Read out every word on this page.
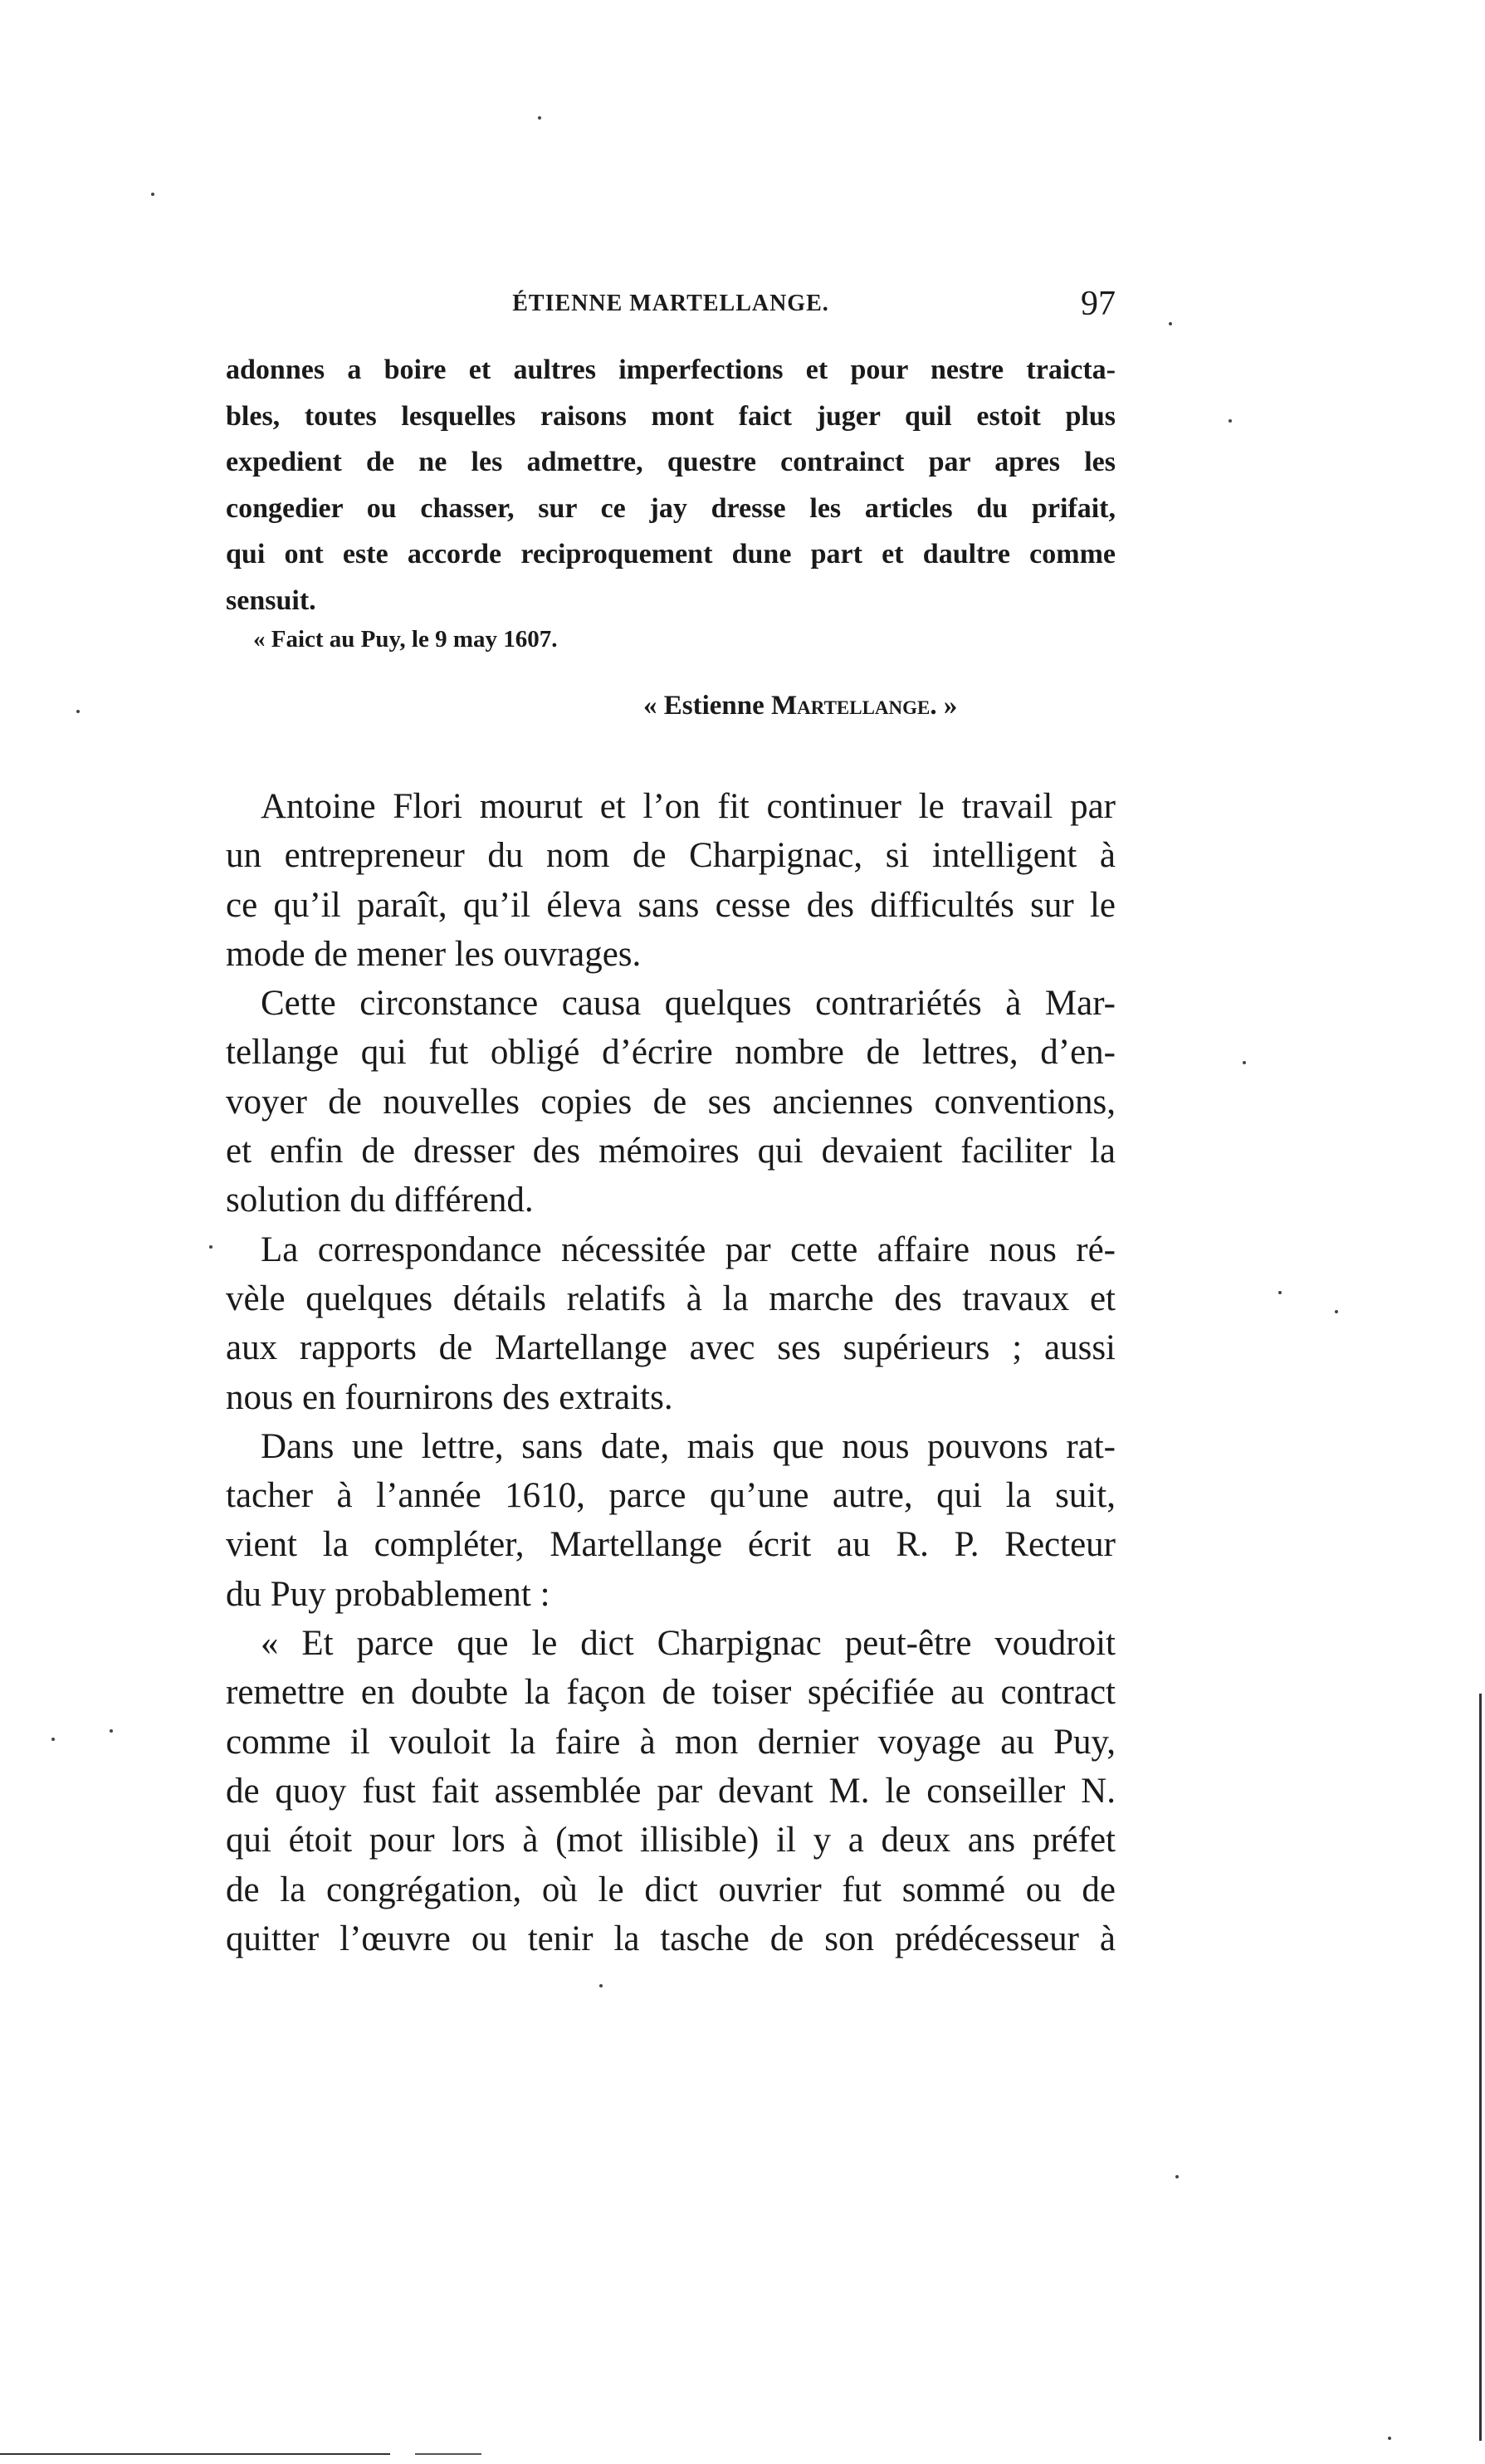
ÉTIENNE MARTELLANGE.	97
adonnes a boire et aultres imperfections et pour nestre traicta-
bles, toutes lesquelles raisons mont faict juger quil estoit plus
expedient de ne les admettre, questre contrainct par apres les
congedier ou chasser, sur ce jay dresse les articles du prifait,
qui ont este accorde reciproquement dune part et daultre comme
sensuit.
« Faict au Puy, le 9 may 1607.
« Estienne Martellange. »
Antoine Flori mourut et l’on fit continuer le travail par
un entrepreneur du nom de Charpignac, si intelligent à
ce qu’il paraît, qu’il éleva sans cesse des difficultés sur le
mode de mener les ouvrages.
Cette circonstance causa quelques contrariétés à Mar-
tellange qui fut obligé d’écrire nombre de lettres, d’en-
voyer de nouvelles copies de ses anciennes conventions,
et enfin de dresser des mémoires qui devaient faciliter la
solution du différend.
La correspondance nécessitée par cette affaire nous ré-
vèle quelques détails relatifs à la marche des travaux et
aux rapports de Martellange avec ses supérieurs ; aussi
nous en fournirons des extraits.
Dans une lettre, sans date, mais que nous pouvons rat-
tacher à l’année 1610, parce qu’une autre, qui la suit,
vient la compléter, Martellange écrit au R. P. Recteur
du Puy probablement :
« Et parce que le dict Charpignac peut-être voudroit
remettre en doubte la façon de toiser spécifiée au contract
comme il vouloit la faire à mon dernier voyage au Puy,
de quoy fust fait assemblée par devant M. le conseiller N.
qui étoit pour lors à (mot illisible) il y a deux ans préfet
de la congrégation, où le dict ouvrier fut sommé ou de
quitter l’œuvre ou tenir la tasche de son prédécesseur à
